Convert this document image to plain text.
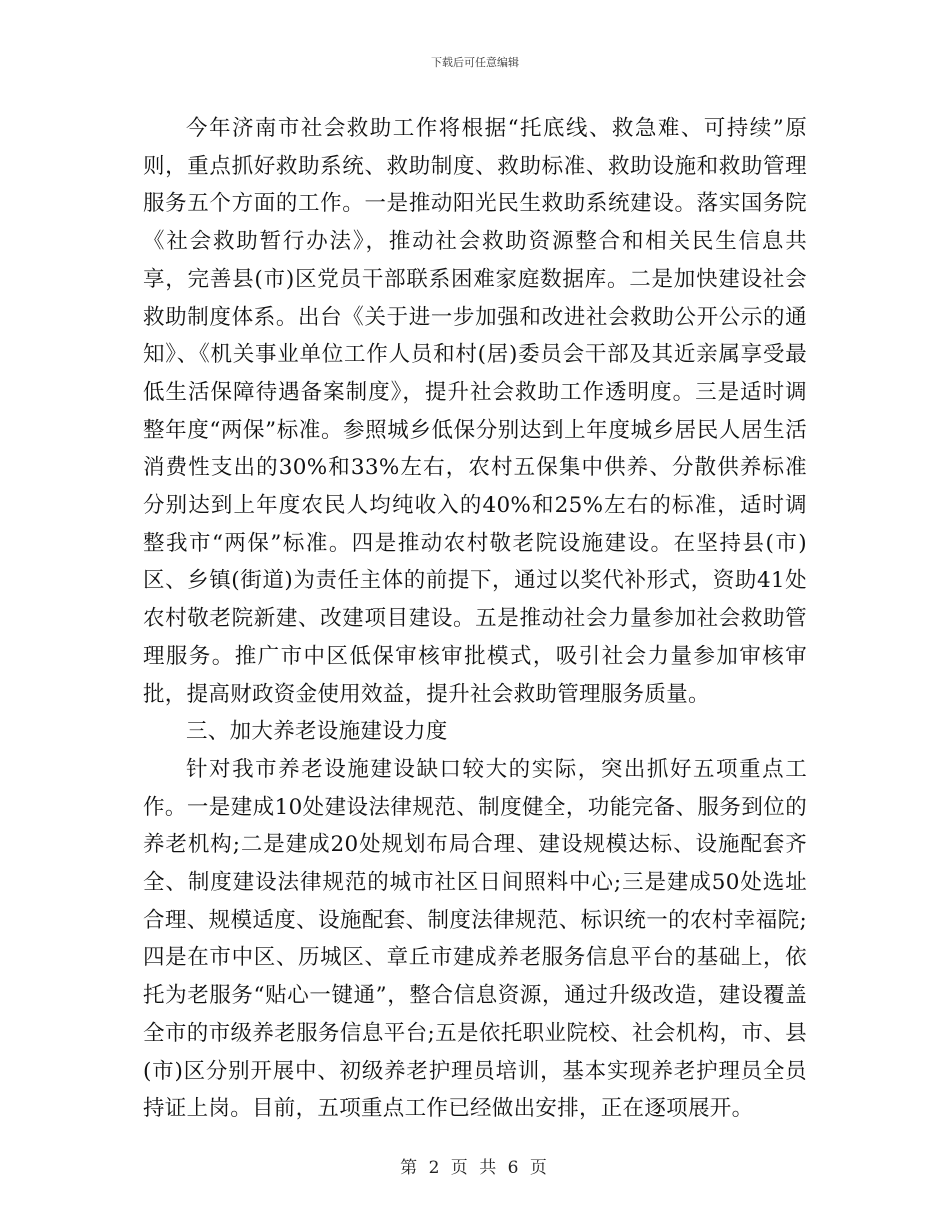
下载后可任意编辑

今年济南市社会救助工作将根据“托底线、救急难、可持续”原则，重点抓好救助系统、救助制度、救助标准、救助设施和救助管理服务五个方面的工作。一是推动阳光民生救助系统建设。落实国务院《社会救助暂行办法》，推动社会救助资源整合和相关民生信息共享，完善县(市)区党员干部联系困难家庭数据库。二是加快建设社会救助制度体系。出台《关于进一步加强和改进社会救助公开公示的通知》、《机关事业单位工作人员和村(居)委员会干部及其近亲属享受最低生活保障待遇备案制度》，提升社会救助工作透明度。三是适时调整年度“两保”标准。参照城乡低保分别达到上年度城乡居民人居生活消费性支出的30%和33%左右，农村五保集中供养、分散供养标准分别达到上年度农民人均纯收入的40%和25%左右的标准，适时调整我市“两保”标准。四是推动农村敬老院设施建设。在坚持县(市)区、乡镇(街道)为责任主体的前提下，通过以奖代补形式，资助41处农村敬老院新建、改建项目建设。五是推动社会力量参加社会救助管理服务。推广市中区低保审核审批模式，吸引社会力量参加审核审批，提高财政资金使用效益，提升社会救助管理服务质量。

三、加大养老设施建设力度

针对我市养老设施建设缺口较大的实际，突出抓好五项重点工作。一是建成10处建设法律规范、制度健全，功能完备、服务到位的养老机构;二是建成20处规划布局合理、建设规模达标、设施配套齐全、制度建设法律规范的城市社区日间照料中心;三是建成50处选址合理、规模适度、设施配套、制度法律规范、标识统一的农村幸福院;四是在市中区、历城区、章丘市建成养老服务信息平台的基础上，依托为老服务“贴心一键通”，整合信息资源，通过升级改造，建设覆盖全市的市级养老服务信息平台;五是依托职业院校、社会机构，市、县(市)区分别开展中、初级养老护理员培训，基本实现养老护理员全员持证上岗。目前，五项重点工作已经做出安排，正在逐项展开。

第 2 页 共 6 页
